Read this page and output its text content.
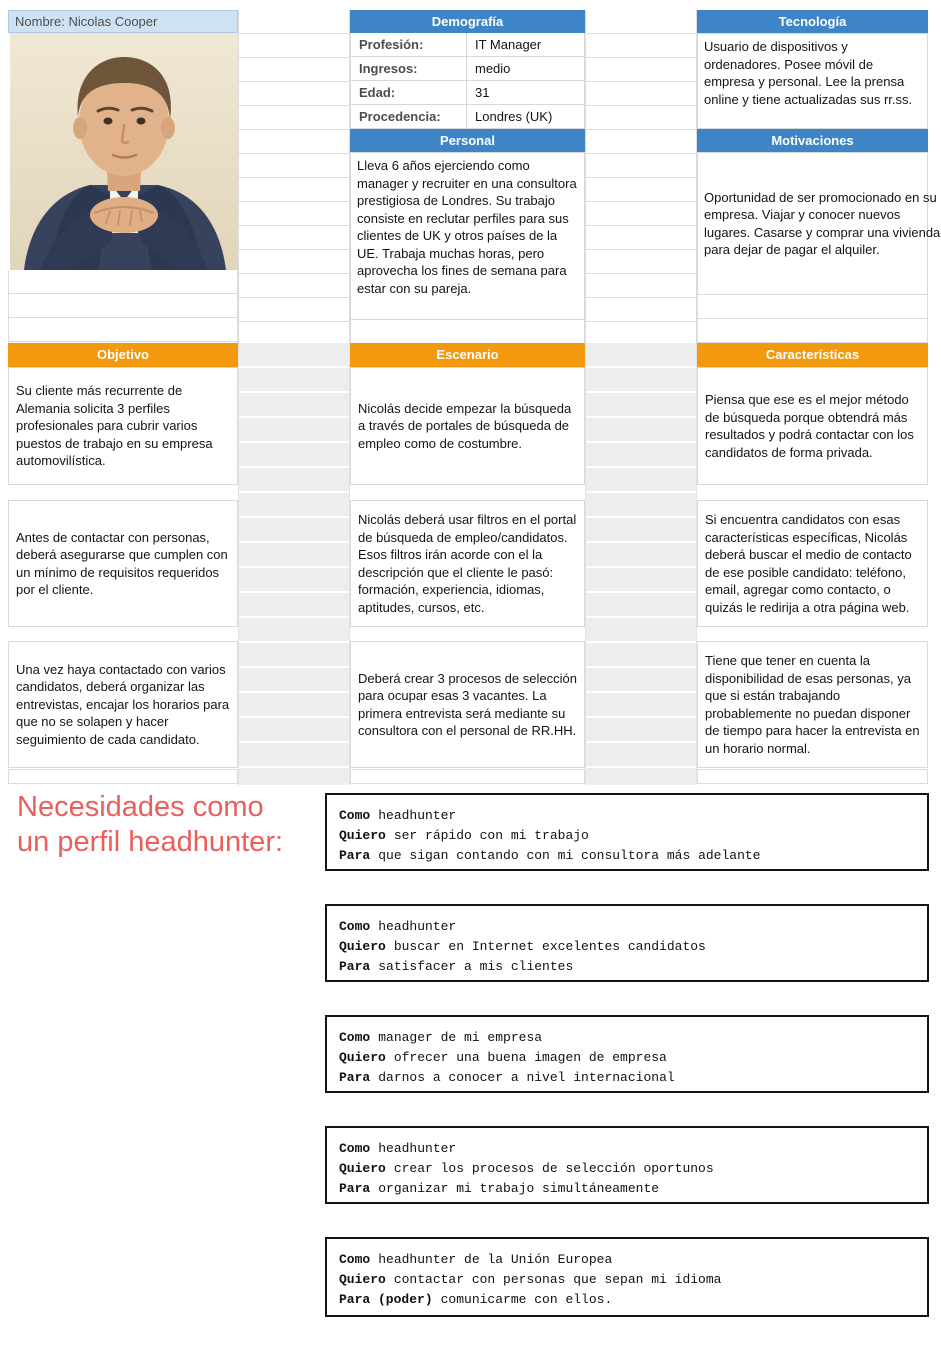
Nombre: Nicolas Cooper	Demografía
Profesión:	IT Manager
Ingresos:	medio
Edad:	31
Procedencia:	Londres (UK)
Tecnología
Usuario de dispositivos y ordenadores. Posee móvil de empresa y personal. Lee la prensa online y tiene actualizadas sus rr.ss.
Personal
Lleva 6 años ejerciendo como manager y recruiter en una consultora prestigiosa de Londres. Su trabajo consiste en reclutar perfiles para sus clientes de UK y otros países de la UE. Trabaja muchas horas, pero aprovecha los fines de semana para estar con su pareja.
Motivaciones
Oportunidad de ser promocionado en su empresa. Viajar y conocer nuevos lugares. Casarse y comprar una vivienda para dejar de pagar el alquiler.
Objetivo	Escenario	Características
Su cliente más recurrente de Alemania solicita 3 perfiles profesionales para cubrir varios puestos de trabajo en su empresa automovilística.
Nicolás decide empezar la búsqueda a través de portales de búsqueda de empleo como de costumbre.
Piensa que ese es el mejor método de búsqueda porque obtendrá más resultados y podrá contactar con los candidatos de forma privada.
Antes de contactar con personas, deberá asegurarse que cumplen con un mínimo de requisitos requeridos por el cliente.
Nicolás deberá usar filtros en el portal de búsqueda de empleo/candidatos. Esos filtros irán acorde con el la descripción que el cliente le pasó: formación, experiencia, idiomas, aptitudes, cursos, etc.
Si encuentra candidatos con esas características específicas, Nicolás deberá buscar el medio de contacto de ese posible candidato: teléfono, email, agregar como contacto, o quizás le redirija a otra página web.
Una vez haya contactado con varios candidatos, deberá organizar las entrevistas, encajar los horarios para que no se solapen y hacer seguimiento de cada candidato.
Deberá crear 3 procesos de selección para ocupar esas 3 vacantes. La primera entrevista será mediante su consultora con el personal de RR.HH.
Tiene que tener en cuenta la disponibilidad de esas personas, ya que si están trabajando probablemente no puedan disponer de tiempo para hacer la entrevista en un horario normal.
Necesidades como
un perfil headhunter:
Como headhunter
Quiero ser rápido con mi trabajo
Para que sigan contando con mi consultora más adelante
Como headhunter
Quiero buscar en Internet excelentes candidatos
Para satisfacer a mis clientes
Como manager de mi empresa
Quiero ofrecer una buena imagen de empresa
Para darnos a conocer a nivel internacional
Como headhunter
Quiero crear los procesos de selección oportunos
Para organizar mi trabajo simultáneamente
Como headhunter de la Unión Europea
Quiero contactar con personas que sepan mi idioma
Para (poder) comunicarme con ellos.
